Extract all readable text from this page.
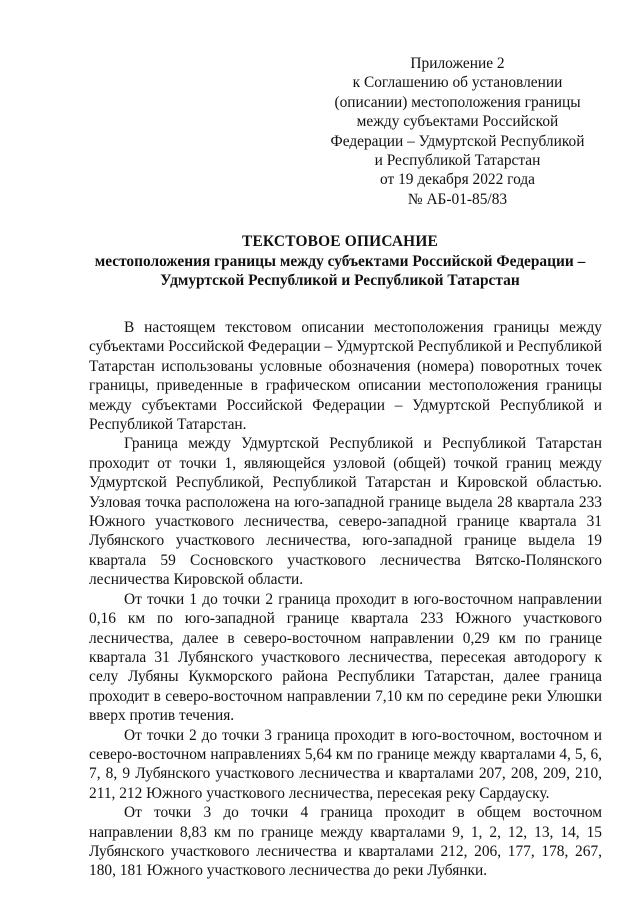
Приложение 2
к Соглашению об установлении
(описании) местоположения границы
между субъектами Российской
Федерации – Удмуртской Республикой
и Республикой Татарстан
от 19 декабря 2022 года
№ АБ-01-85/83
ТЕКСТОВОЕ ОПИСАНИЕ
местоположения границы между субъектами Российской Федерации –
Удмуртской Республикой и Республикой Татарстан

В настоящем текстовом описании местоположения границы между субъектами Российской Федерации – Удмуртской Республикой и Республикой Татарстан использованы условные обозначения (номера) поворотных точек границы, приведенные в графическом описании местоположения границы между субъектами Российской Федерации – Удмуртской Республикой и Республикой Татарстан.

Граница между Удмуртской Республикой и Республикой Татарстан проходит от точки 1, являющейся узловой (общей) точкой границ между Удмуртской Республикой, Республикой Татарстан и Кировской областью. Узловая точка расположена на юго-западной границе выдела 28 квартала 233 Южного участкового лесничества, северо-западной границе квартала 31 Лубянского участкового лесничества, юго-западной границе выдела 19 квартала 59 Сосновского участкового лесничества Вятско-Полянского лесничества Кировской области.

От точки 1 до точки 2 граница проходит в юго-восточном направлении 0,16 км по юго-западной границе квартала 233 Южного участкового лесничества, далее в северо-восточном направлении 0,29 км по границе квартала 31 Лубянского участкового лесничества, пересекая автодорогу к селу Лубяны Кукморского района Республики Татарстан, далее граница проходит в северо-восточном направлении 7,10 км по середине реки Улюшки вверх против течения.

От точки 2 до точки 3 граница проходит в юго-восточном, восточном и северо-восточном направлениях 5,64 км по границе между кварталами 4, 5, 6, 7, 8, 9 Лубянского участкового лесничества и кварталами 207, 208, 209, 210, 211, 212 Южного участкового лесничества, пересекая реку Сардауску.

От точки 3 до точки 4 граница проходит в общем восточном направлении 8,83 км по границе между кварталами 9, 1, 2, 12, 13, 14, 15 Лубянского участкового лесничества и кварталами 212, 206, 177, 178, 267, 180, 181 Южного участкового лесничества до реки Лубянки.
